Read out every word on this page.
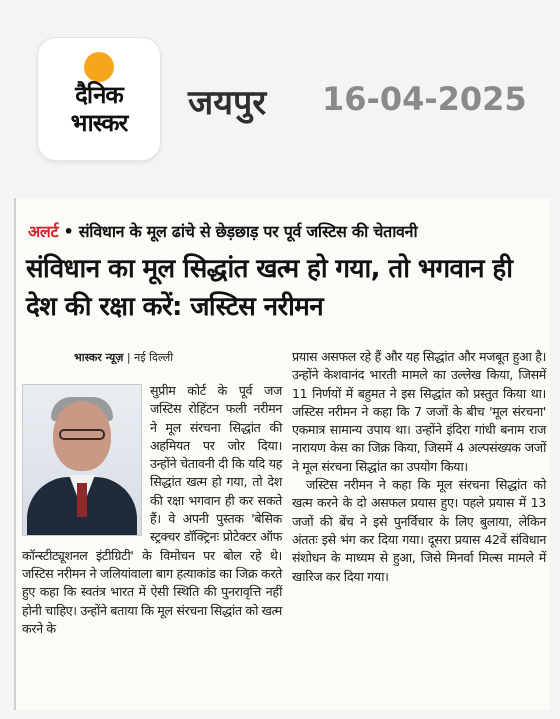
दैनिक
भास्कर	जयपुर 16-04-2025
अलर्ट • संविधान के मूल ढांचे से छेड़छाड़ पर पूर्व जस्टिस की चेतावनी
संविधान का मूल सिद्धांत खत्म हो गया, तो भगवान ही देश की रक्षा करें: जस्टिस नरीमन
भास्कर न्यूज़ | नई दिल्ली
सुप्रीम कोर्ट के पूर्व जज जस्टिस रोहिंटन फली नरीमन ने मूल संरचना सिद्धांत की अहमियत पर जोर दिया। उन्होंने चेतावनी दी कि यदि यह सिद्धांत खत्म हो गया, तो देश की रक्षा भगवान ही कर सकते हैं। वे अपनी पुस्तक 'बेसिक स्ट्रक्चर डॉक्ट्रिनः प्रोटेक्टर ऑफ कॉन्स्टीट्यूशनल इंटीग्रिटी' के विमोचन पर बोल रहे थे। जस्टिस नरीमन ने जलियांवाला बाग हत्याकांड का जिक्र करते हुए कहा कि स्वतंत्र भारत में ऐसी स्थिति की पुनरावृत्ति नहीं होनी चाहिए। उन्होंने बताया कि मूल संरचना सिद्धांत को खत्म करने के
प्रयास असफल रहे हैं और यह सिद्धांत और मजबूत हुआ है। उन्होंने केशवानंद भारती मामले का उल्लेख किया, जिसमें 11 निर्णयों में बहुमत ने इस सिद्धांत को प्रस्तुत किया था। जस्टिस नरीमन ने कहा कि 7 जजों के बीच 'मूल संरचना' एकमात्र सामान्य उपाय था। उन्होंने इंदिरा गांधी बनाम राज नारायण केस का जिक्र किया, जिसमें 4 अल्पसंख्यक जजों ने मूल संरचना सिद्धांत का उपयोग किया।
जस्टिस नरीमन ने कहा कि मूल संरचना सिद्धांत को खत्म करने के दो असफल प्रयास हुए। पहले प्रयास में 13 जजों की बेंच ने इसे पुनर्विचार के लिए बुलाया, लेकिन अंततः इसे भंग कर दिया गया। दूसरा प्रयास 42वें संविधान संशोधन के माध्यम से हुआ, जिसे मिनर्वा मिल्स मामले में खारिज कर दिया गया।
